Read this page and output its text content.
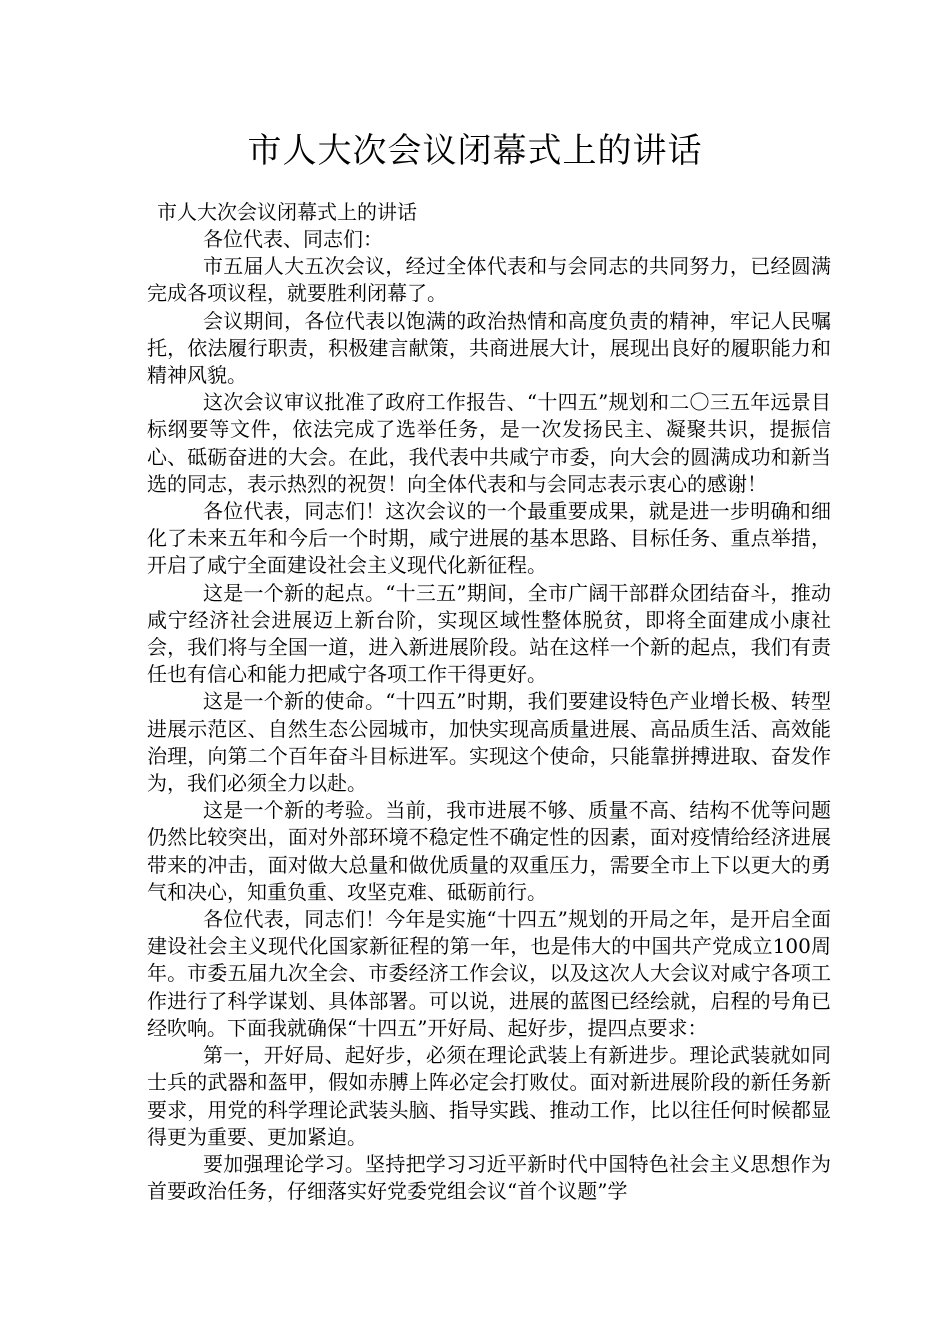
市人大次会议闭幕式上的讲话
市人大次会议闭幕式上的讲话

各位代表、同志们：

市五届人大五次会议，经过全体代表和与会同志的共同努力，已经圆满完成各项议程，就要胜利闭幕了。

会议期间，各位代表以饱满的政治热情和高度负责的精神，牢记人民嘱托，依法履行职责，积极建言献策，共商进展大计，展现出良好的履职能力和精神风貌。

这次会议审议批准了政府工作报告、“十四五”规划和二〇三五年远景目标纲要等文件，依法完成了选举任务，是一次发扬民主、凝聚共识，提振信心、砥砺奋进的大会。在此，我代表中共咸宁市委，向大会的圆满成功和新当选的同志，表示热烈的祝贺！向全体代表和与会同志表示衷心的感谢！

各位代表，同志们！这次会议的一个最重要成果，就是进一步明确和细化了未来五年和今后一个时期，咸宁进展的基本思路、目标任务、重点举措，开启了咸宁全面建设社会主义现代化新征程。

这是一个新的起点。“十三五”期间，全市广阔干部群众团结奋斗，推动咸宁经济社会进展迈上新台阶，实现区域性整体脱贫，即将全面建成小康社会，我们将与全国一道，进入新进展阶段。站在这样一个新的起点，我们有责任也有信心和能力把咸宁各项工作干得更好。

这是一个新的使命。“十四五”时期，我们要建设特色产业增长极、转型进展示范区、自然生态公园城市，加快实现高质量进展、高品质生活、高效能治理，向第二个百年奋斗目标进军。实现这个使命，只能靠拼搏进取、奋发作为，我们必须全力以赴。

这是一个新的考验。当前，我市进展不够、质量不高、结构不优等问题仍然比较突出，面对外部环境不稳定性不确定性的因素，面对疫情给经济进展带来的冲击，面对做大总量和做优质量的双重压力，需要全市上下以更大的勇气和决心，知重负重、攻坚克难、砥砺前行。

各位代表，同志们！今年是实施“十四五”规划的开局之年，是开启全面建设社会主义现代化国家新征程的第一年，也是伟大的中国共产党成立100周年。市委五届九次全会、市委经济工作会议，以及这次人大会议对咸宁各项工作进行了科学谋划、具体部署。可以说，进展的蓝图已经绘就，启程的号角已经吹响。下面我就确保“十四五”开好局、起好步，提四点要求：

第一，开好局、起好步，必须在理论武装上有新进步。理论武装就如同士兵的武器和盔甲，假如赤膊上阵必定会打败仗。面对新进展阶段的新任务新要求，用党的科学理论武装头脑、指导实践、推动工作，比以往任何时候都显得更为重要、更加紧迫。

要加强理论学习。坚持把学习习近平新时代中国特色社会主义思想作为首要政治任务，仔细落实好党委党组会议“首个议题”学
